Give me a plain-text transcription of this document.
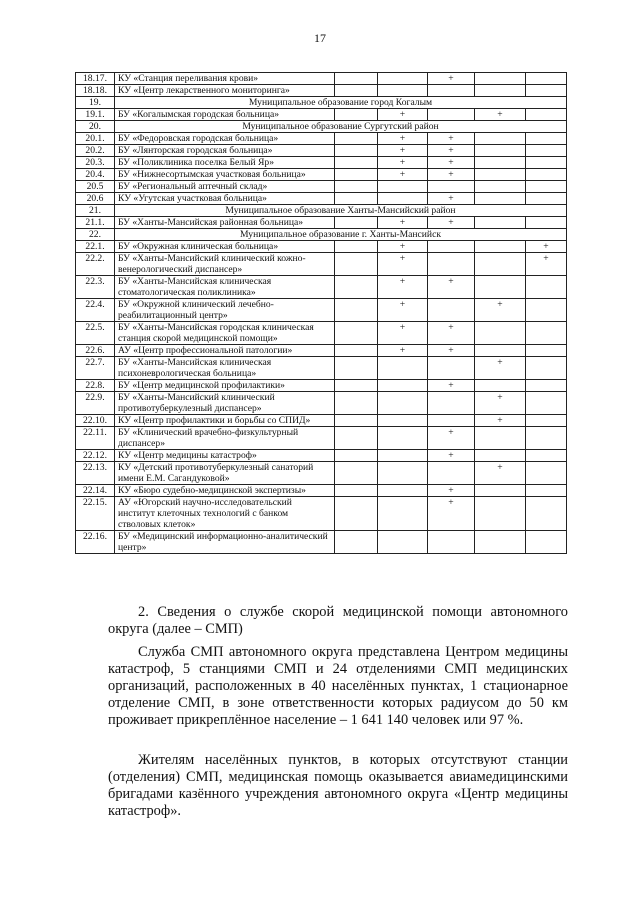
17
18.17.	КУ «Станция переливания крови»			+		
18.18.	КУ «Центр лекарственного мониторинга»					
19.	Муниципальное образование город Когалым					
19.1.	БУ «Когалымская городская больница»		+		+	
20.	Муниципальное образование Сургутский район					
20.1.	БУ «Федоровская городская больница»		+	+		
20.2.	БУ «Лянторская городская больница»		+	+		
20.3.	БУ «Поликлиника поселка Белый Яр»		+	+		
20.4.	БУ «Нижнесортымская участковая больница»		+	+		
20.5	БУ «Региональный аптечный склад»					
20.6	КУ «Угутская участковая больница»			+		
21.	Муниципальное образование Ханты-Мансийский район					
21.1.	БУ «Ханты-Мансийская районная больница»		+	+		
22.	Муниципальное образование г. Ханты-Мансийск					
22.1.	БУ «Окружная клиническая больница»		+			+
22.2.	БУ «Ханты-Мансийский клинический кожно-венерологический диспансер»		+			+
22.3.	БУ «Ханты-Мансийская клиническая стоматологическая поликлиника»		+	+		
22.4.	БУ «Окружной клинический лечебно-реабилитационный центр»		+		+	
22.5.	БУ «Ханты-Мансийская городская клиническая станция скорой медицинской помощи»		+	+		
22.6.	АУ «Центр профессиональной патологии»		+	+		
22.7.	БУ «Ханты-Мансийская клиническая психоневрологическая больница»				+	
22.8.	БУ «Центр медицинской профилактики»			+		
22.9.	БУ «Ханты-Мансийский клинический противотуберкулезный диспансер»				+	
22.10.	КУ «Центр профилактики и борьбы со СПИД»				+	
22.11.	БУ «Клинический врачебно-физкультурный диспансер»			+		
22.12.	КУ «Центр медицины катастроф»			+		
22.13.	КУ «Детский противотуберкулезный санаторий имени Е.М. Сагандуковой»				+	
22.14.	КУ «Бюро судебно-медицинской экспертизы»			+		
22.15.	АУ «Югорский научно-исследовательский институт клеточных технологий с банком стволовых клеток»			+		
22.16.	БУ «Медицинский информационно-аналитический центр»					

2. Сведения о службе скорой медицинской помощи автономного округа (далее – СМП)

Служба СМП автономного округа представлена Центром медицины катастроф, 5 станциями СМП и 24 отделениями СМП медицинских организаций, расположенных в 40 населённых пунктах, 1 стационарное отделение СМП, в зоне ответственности которых радиусом до 50 км проживает прикреплённое население – 1 641 140 человек или 97 %.

Жителям населённых пунктов, в которых отсутствуют станции (отделения) СМП, медицинская помощь оказывается авиамедицинскими бригадами казённого учреждения автономного округа «Центр медицины катастроф».
